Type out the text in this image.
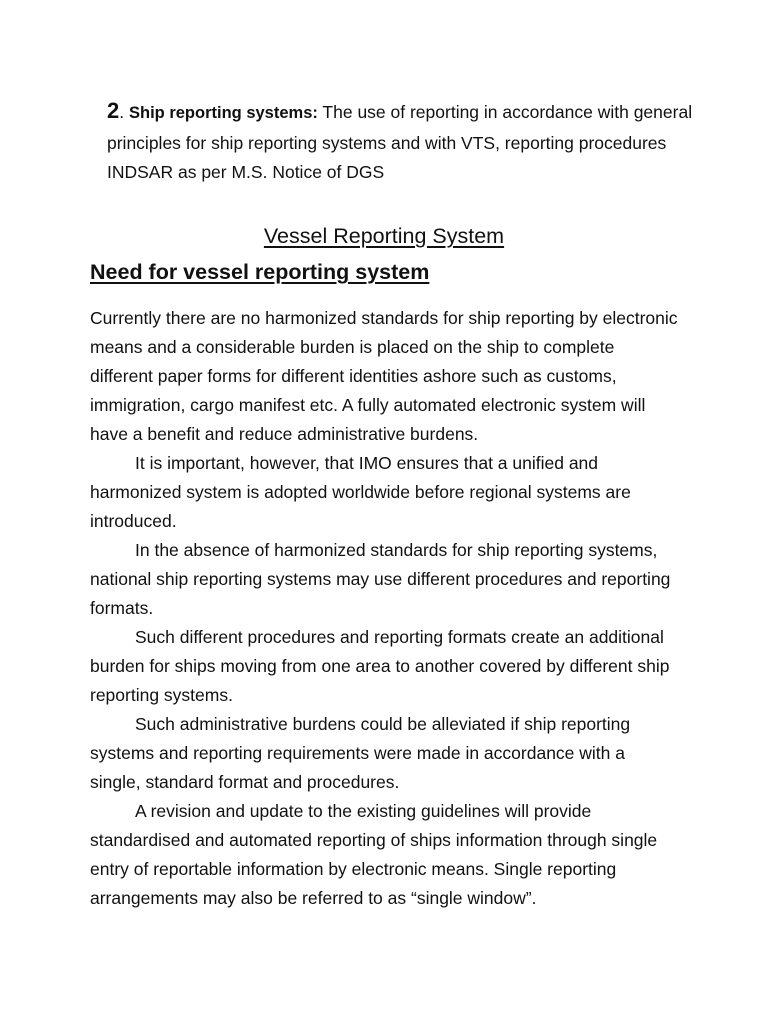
2. Ship reporting systems: The use of reporting in accordance with general principles for ship reporting systems and with VTS, reporting procedures INDSAR as per M.S. Notice of DGS
Vessel Reporting System
Need for vessel reporting system

Currently there are no harmonized standards for ship reporting by electronic means and a considerable burden is placed on the ship to complete different paper forms for different identities ashore such as customs, immigration, cargo manifest etc. A fully automated electronic system will have a benefit and reduce administrative burdens.

It is important, however, that IMO ensures that a unified and harmonized system is adopted worldwide before regional systems are introduced.

In the absence of harmonized standards for ship reporting systems, national ship reporting systems may use different procedures and reporting formats.

Such different procedures and reporting formats create an additional burden for ships moving from one area to another covered by different ship reporting systems.

Such administrative burdens could be alleviated if ship reporting systems and reporting requirements were made in accordance with a single, standard format and procedures.

A revision and update to the existing guidelines will provide standardised and automated reporting of ships information through single entry of reportable information by electronic means. Single reporting arrangements may also be referred to as “single window”.
